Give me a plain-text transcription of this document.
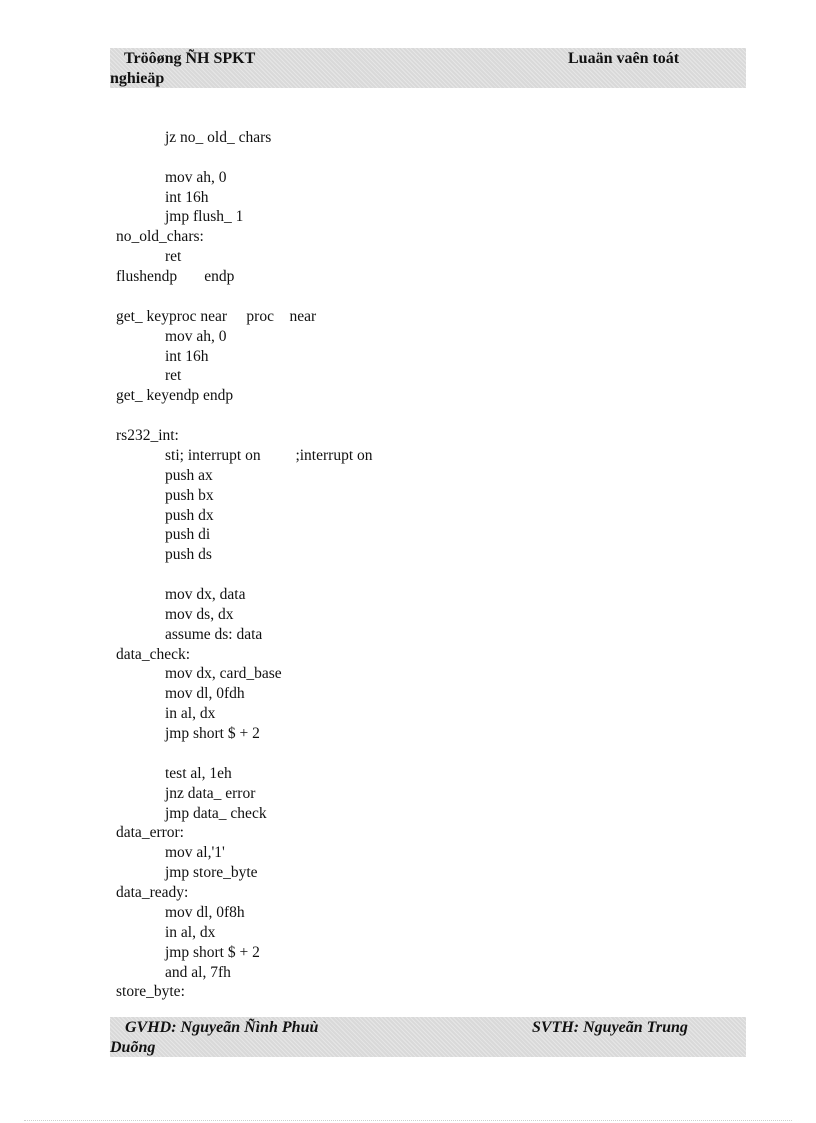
Tröôøng ÑH SPKT	Luaän vaên toát
nghieäp
jz no_ old_ chars
mov ah, 0
int 16h
jmp flush_ 1
no_old_chars:
ret
flushendp       endp
get_ keyproc near     proc    near
mov ah, 0
int 16h
ret
get_ keyendp endp
rs232_int:
sti; interrupt on         ;interrupt on
push ax
push bx
push dx
push di
push ds
mov dx, data
mov ds, dx
assume ds: data
data_check:
mov dx, card_base
mov dl, 0fdh
in al, dx
jmp short $ + 2
test al, 1eh
jnz data_ error
jmp data_ check
data_error:
mov al,'1'
jmp store_byte
data_ready:
mov dl, 0f8h
in al, dx
jmp short $ + 2
and al, 7fh
store_byte:
GVHD: Nguyeãn Ñình Phuù	SVTH: Nguyeãn Trung
Duõng
